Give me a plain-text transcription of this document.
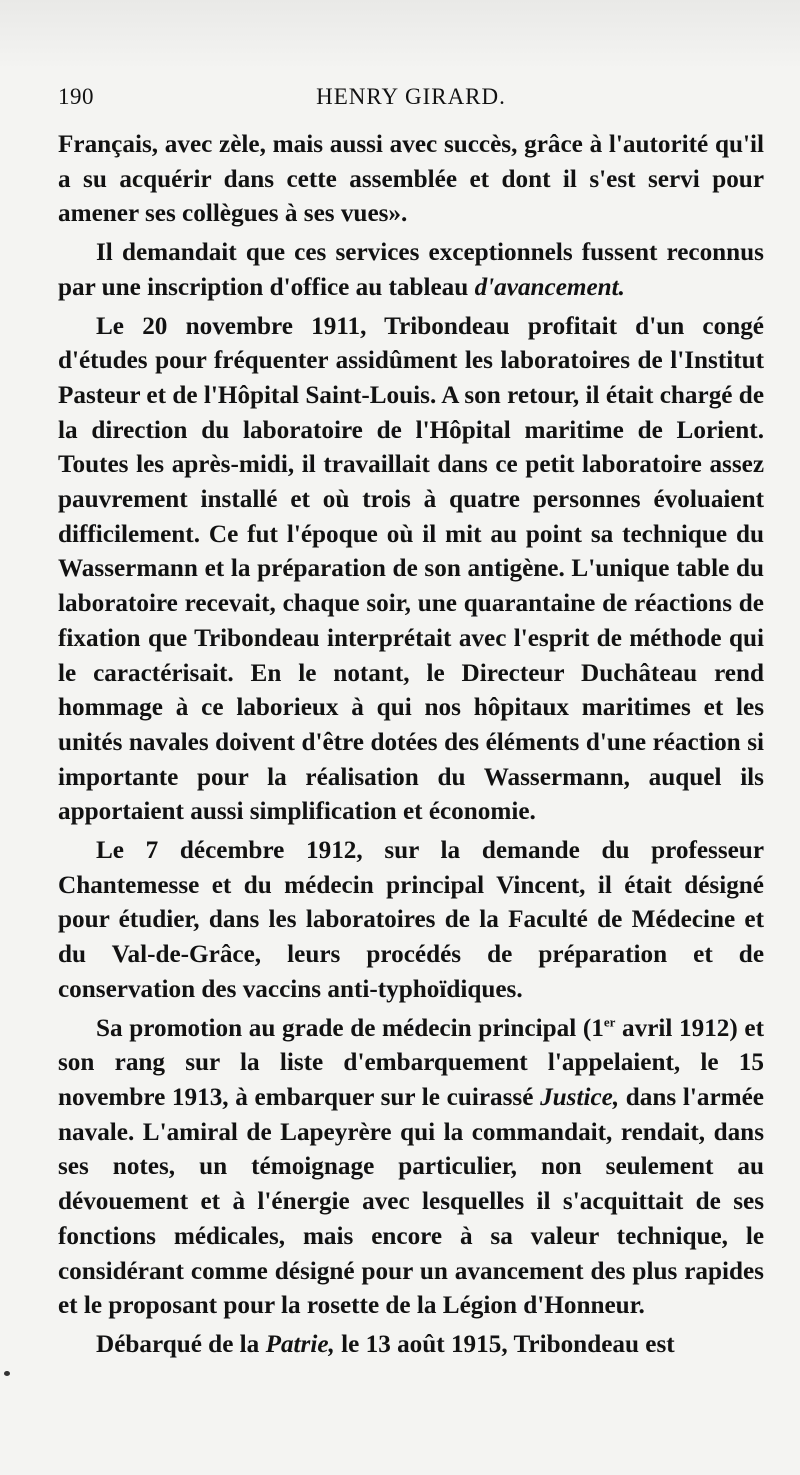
190	HENRY GIRARD.

Français, avec zèle, mais aussi avec succès, grâce à l'autorité qu'il a su acquérir dans cette assemblée et dont il s'est servi pour amener ses collègues à ses vues».

Il demandait que ces services exceptionnels fussent reconnus par une inscription d'office au tableau d'avancement.

Le 20 novembre 1911, Tribondeau profitait d'un congé d'études pour fréquenter assidûment les laboratoires de l'Institut Pasteur et de l'Hôpital Saint-Louis. A son retour, il était chargé de la direction du laboratoire de l'Hôpital maritime de Lorient. Toutes les après-midi, il travaillait dans ce petit laboratoire assez pauvrement installé et où trois à quatre personnes évoluaient difficilement. Ce fut l'époque où il mit au point sa technique du Wassermann et la préparation de son antigène. L'unique table du laboratoire recevait, chaque soir, une quarantaine de réactions de fixation que Tribondeau interprétait avec l'esprit de méthode qui le caractérisait. En le notant, le Directeur Duchâteau rend hommage à ce laborieux à qui nos hôpitaux maritimes et les unités navales doivent d'être dotées des éléments d'une réaction si importante pour la réalisation du Wassermann, auquel ils apportaient aussi simplification et économie.

Le 7 décembre 1912, sur la demande du professeur Chantemesse et du médecin principal Vincent, il était désigné pour étudier, dans les laboratoires de la Faculté de Médecine et du Val-de-Grâce, leurs procédés de préparation et de conservation des vaccins anti-typhoïdiques.

Sa promotion au grade de médecin principal (1er avril 1912) et son rang sur la liste d'embarquement l'appelaient, le 15 novembre 1913, à embarquer sur le cuirassé Justice, dans l'armée navale. L'amiral de Lapeyrère qui la commandait, rendait, dans ses notes, un témoignage particulier, non seulement au dévouement et à l'énergie avec lesquelles il s'acquittait de ses fonctions médicales, mais encore à sa valeur technique, le considérant comme désigné pour un avancement des plus rapides et le proposant pour la rosette de la Légion d'Honneur.

Débarqué de la Patrie, le 13 août 1915, Tribondeau est
